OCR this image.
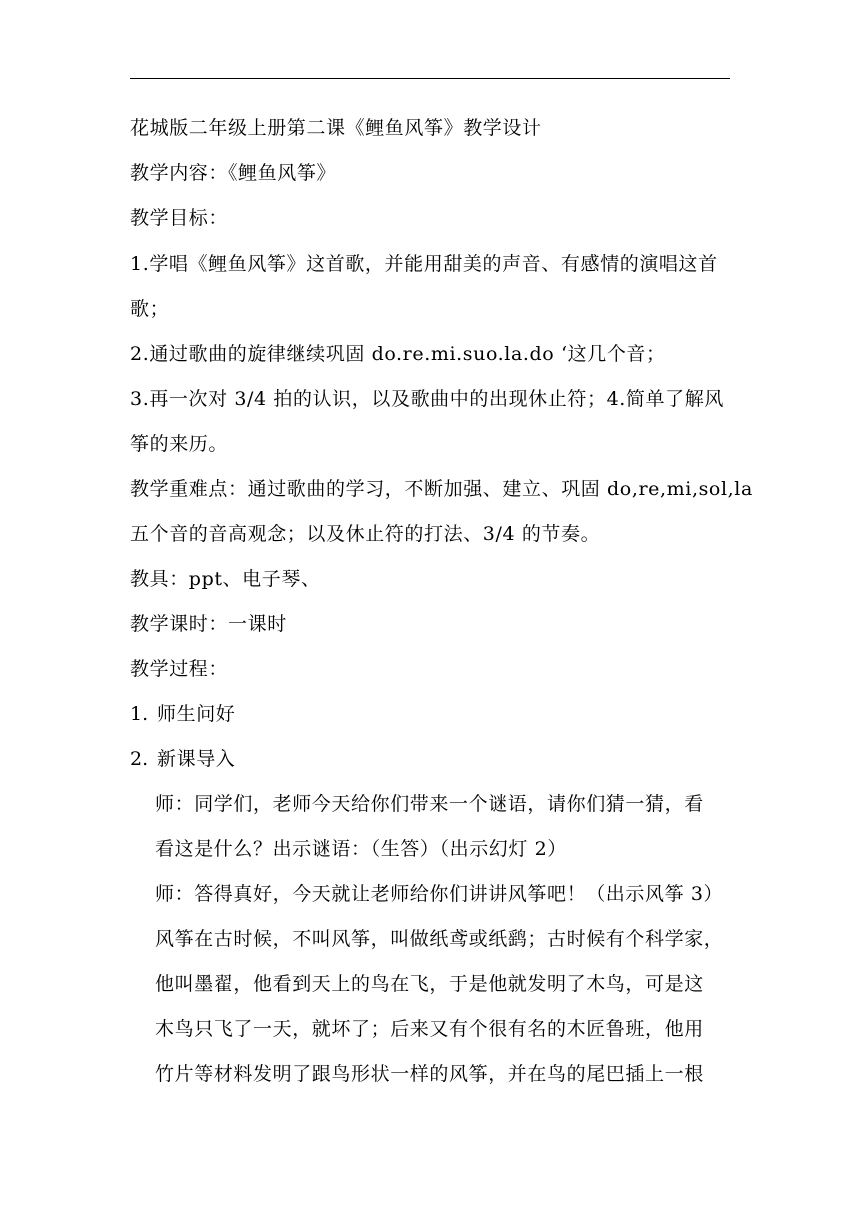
花城版二年级上册第二课《鲤鱼风筝》教学设计
教学内容：《鲤鱼风筝》
教学目标：
1.学唱《鲤鱼风筝》这首歌，并能用甜美的声音、有感情的演唱这首
歌；
2.通过歌曲的旋律继续巩固 do.re.mi.suo.la.do ‘这几个音；
3.再一次对 3/4 拍的认识，以及歌曲中的出现休止符；4.简单了解风
筝的来历。
教学重难点：通过歌曲的学习，不断加强、建立、巩固 do,re,mi,sol,la
五个音的音高观念；以及休止符的打法、3/4 的节奏。
教具：ppt、电子琴、
教学课时：一课时
教学过程：
1. 师生问好
2. 新课导入
师：同学们，老师今天给你们带来一个谜语，请你们猜一猜，看
看这是什么？出示谜语：（生答）（出示幻灯 2）
师：答得真好，今天就让老师给你们讲讲风筝吧！（出示风筝 3）
风筝在古时候，不叫风筝，叫做纸鸢或纸鹞；古时候有个科学家，
他叫墨翟，他看到天上的鸟在飞，于是他就发明了木鸟，可是这
木鸟只飞了一天，就坏了；后来又有个很有名的木匠鲁班，他用
竹片等材料发明了跟鸟形状一样的风筝，并在鸟的尾巴插上一根
